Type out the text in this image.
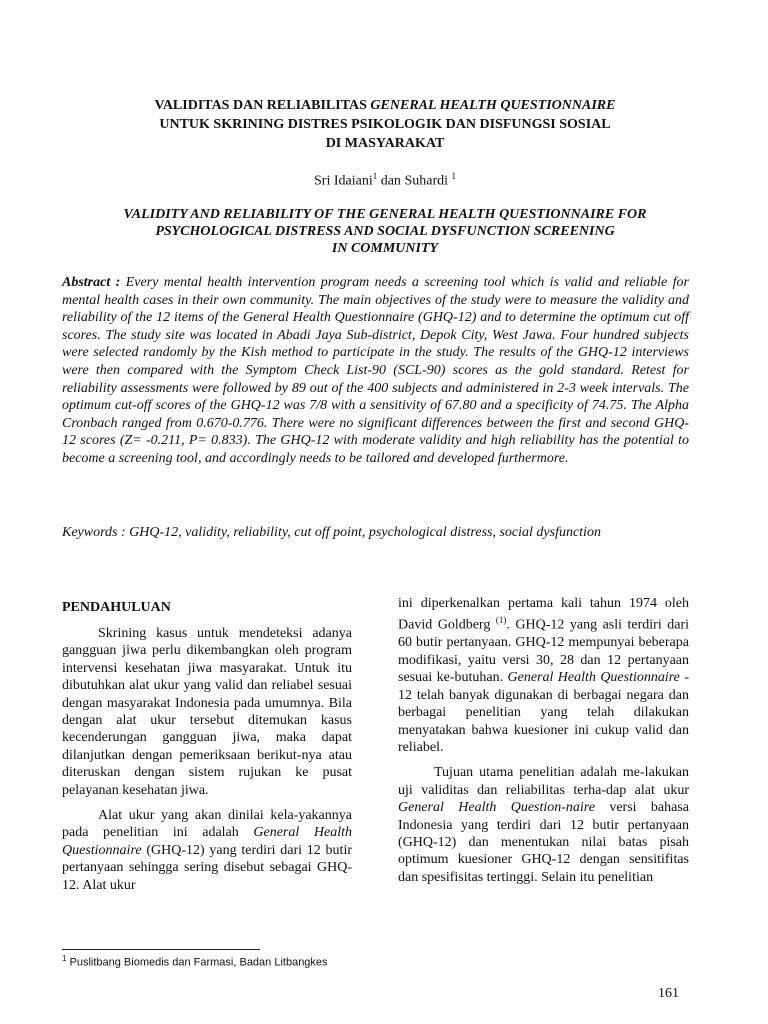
VALIDITAS DAN RELIABILITAS GENERAL HEALTH QUESTIONNAIRE
UNTUK SKRINING DISTRES PSIKOLOGIK DAN DISFUNGSI SOSIAL
DI MASYARAKAT
Sri Idaiani$^1$ dan Suhardi $^1$
VALIDITY AND RELIABILITY OF THE GENERAL HEALTH QUESTIONNAIRE FOR
PSYCHOLOGICAL DISTRESS AND SOCIAL DYSFUNCTION SCREENING
IN COMMUNITY
Abstract : Every mental health intervention program needs a screening tool which is valid and reliable for mental health cases in their own community. The main objectives of the study were to measure the validity and reliability of the 12 items of the General Health Questionnaire (GHQ-12) and to determine the optimum cut off scores. The study site was located in Abadi Jaya Sub-district, Depok City, West Jawa. Four hundred subjects were selected randomly by the Kish method to participate in the study. The results of the GHQ-12 interviews were then compared with the Symptom Check List-90 (SCL-90) scores as the gold standard. Retest for reliability assessments were followed by 89 out of the 400 subjects and administered in 2-3 week intervals. The optimum cut-off scores of the GHQ-12 was 7/8 with a sensitivity of 67.80 and a specificity of 74.75. The Alpha Cronbach ranged from 0.670-0.776. There were no significant differences between the first and second GHQ-12 scores (Z= -0.211, P= 0.833). The GHQ-12 with moderate validity and high reliability has the potential to become a screening tool, and accordingly needs to be tailored and developed furthermore.
Keywords : GHQ-12, validity, reliability, cut off point, psychological distress, social dysfunction
PENDAHULUAN

Skrining kasus untuk mendeteksi adanya gangguan jiwa perlu dikembangkan oleh program intervensi kesehatan jiwa masyarakat. Untuk itu dibutuhkan alat ukur yang valid dan reliabel sesuai dengan masyarakat Indonesia pada umumnya. Bila dengan alat ukur tersebut ditemukan kasus kecenderungan gangguan jiwa, maka dapat dilanjutkan dengan pemeriksaan berikut-nya atau diteruskan dengan sistem rujukan ke pusat pelayanan kesehatan jiwa.

Alat ukur yang akan dinilai kela-yakannya pada penelitian ini adalah General Health Questionnaire (GHQ-12) yang terdiri dari 12 butir pertanyaan sehingga sering disebut sebagai GHQ-12. Alat ukur

ini diperkenalkan pertama kali tahun 1974 oleh David Goldberg $^{(1)}$. GHQ-12 yang asli terdiri dari 60 butir pertanyaan. GHQ-12 mempunyai beberapa modifikasi, yaitu versi 30, 28 dan 12 pertanyaan sesuai ke-butuhan. General Health Questionnaire - 12 telah banyak digunakan di berbagai negara dan berbagai penelitian yang telah dilakukan menyatakan bahwa kuesioner ini cukup valid dan reliabel.

Tujuan utama penelitian adalah me-lakukan uji validitas dan reliabilitas terha-dap alat ukur General Health Question-naire versi bahasa Indonesia yang terdiri dari 12 butir pertanyaan (GHQ-12) dan menentukan nilai batas pisah optimum kuesioner GHQ-12 dengan sensitifitas dan spesifisitas tertinggi. Selain itu penelitian

$^1$ Puslitbang Biomedis dan Farmasi, Badan Litbangkes
161
